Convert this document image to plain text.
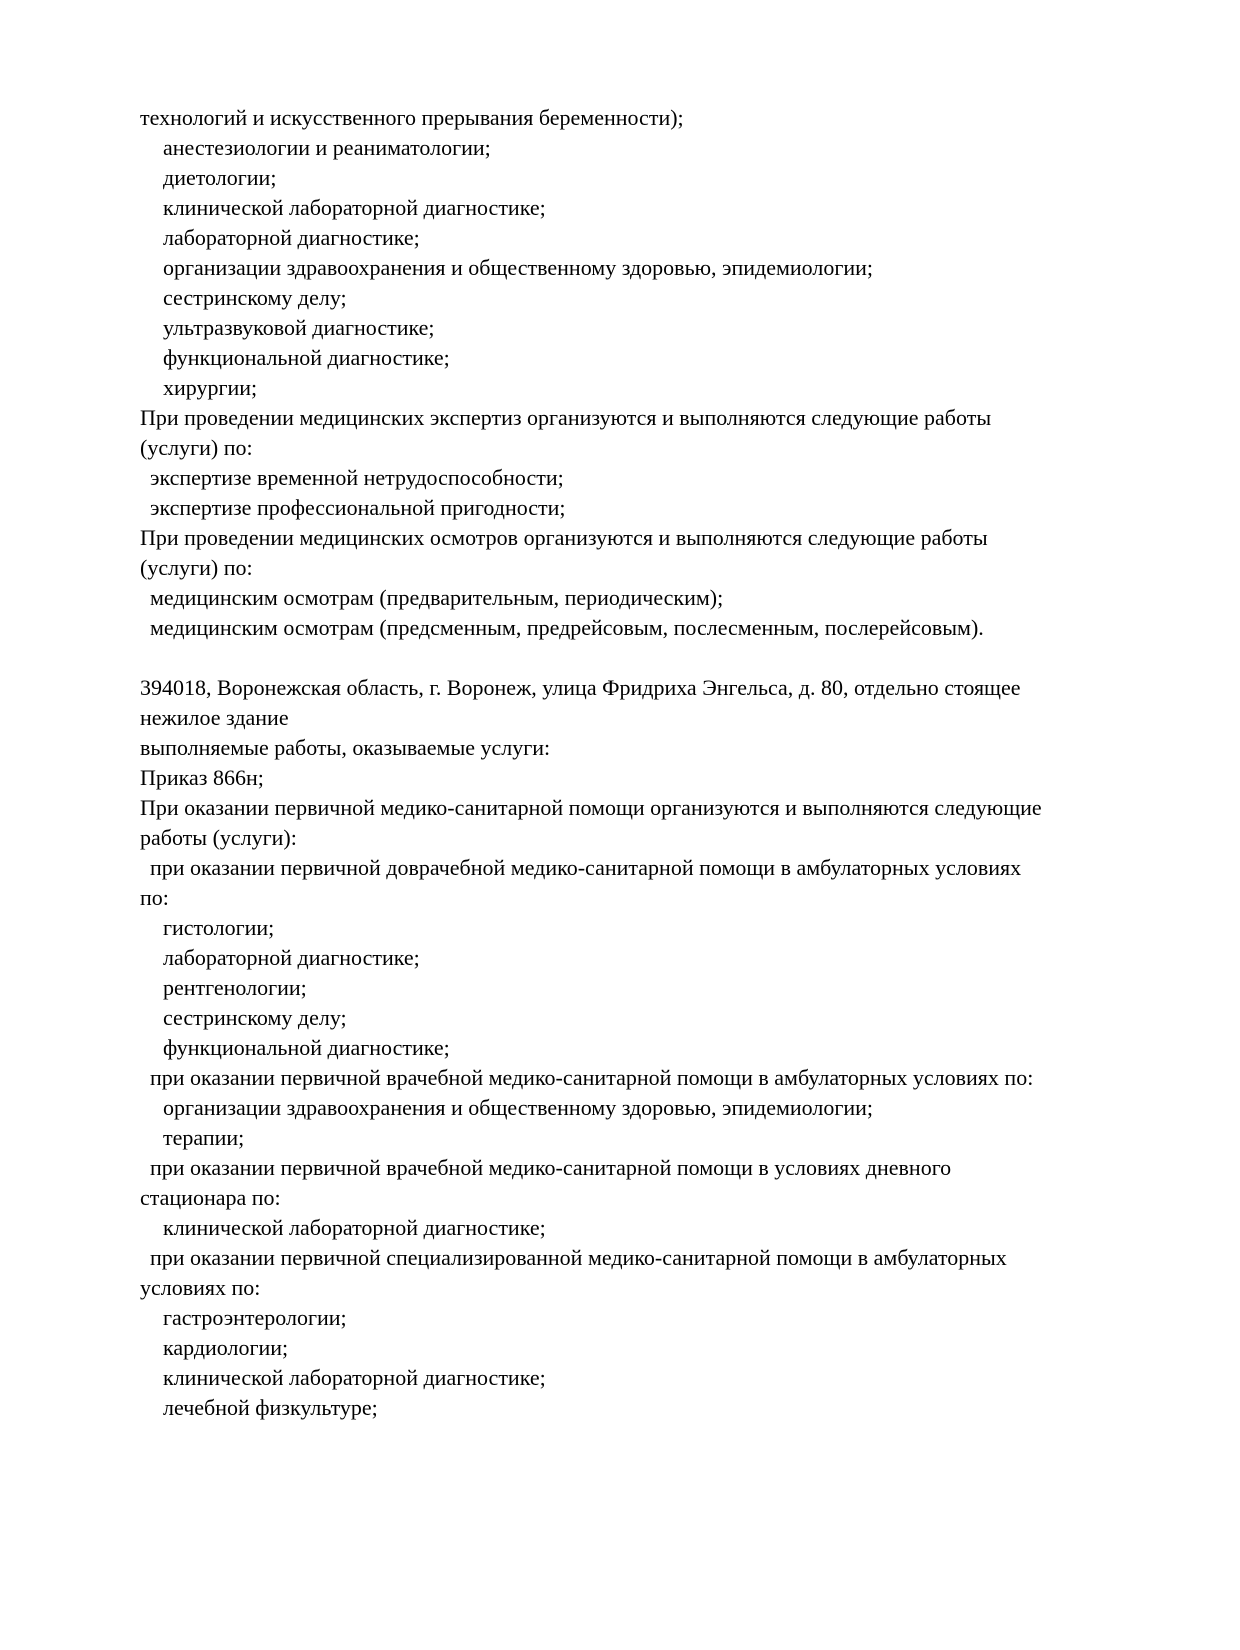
технологий и искусственного прерывания беременности);
анестезиологии и реаниматологии;
диетологии;
клинической лабораторной диагностике;
лабораторной диагностике;
организации здравоохранения и общественному здоровью, эпидемиологии;
сестринскому делу;
ультразвуковой диагностике;
функциональной диагностике;
хирургии;
При проведении медицинских экспертиз организуются и выполняются следующие работы
(услуги) по:
экспертизе временной нетрудоспособности;
экспертизе профессиональной пригодности;
При проведении медицинских осмотров организуются и выполняются следующие работы
(услуги) по:
медицинским осмотрам (предварительным, периодическим);
медицинским осмотрам (предсменным, предрейсовым, послесменным, послерейсовым).

394018, Воронежская область, г. Воронеж, улица Фридриха Энгельса, д. 80, отдельно стоящее
нежилое здание
выполняемые работы, оказываемые услуги:
Приказ 866н;
При оказании первичной медико-санитарной помощи организуются и выполняются следующие
работы (услуги):
при оказании первичной доврачебной медико-санитарной помощи в амбулаторных условиях
по:
гистологии;
лабораторной диагностике;
рентгенологии;
сестринскому делу;
функциональной диагностике;
при оказании первичной врачебной медико-санитарной помощи в амбулаторных условиях по:
организации здравоохранения и общественному здоровью, эпидемиологии;
терапии;
при оказании первичной врачебной медико-санитарной помощи в условиях дневного
стационара по:
клинической лабораторной диагностике;
при оказании первичной специализированной медико-санитарной помощи в амбулаторных
условиях по:
гастроэнтерологии;
кардиологии;
клинической лабораторной диагностике;
лечебной физкультуре;
